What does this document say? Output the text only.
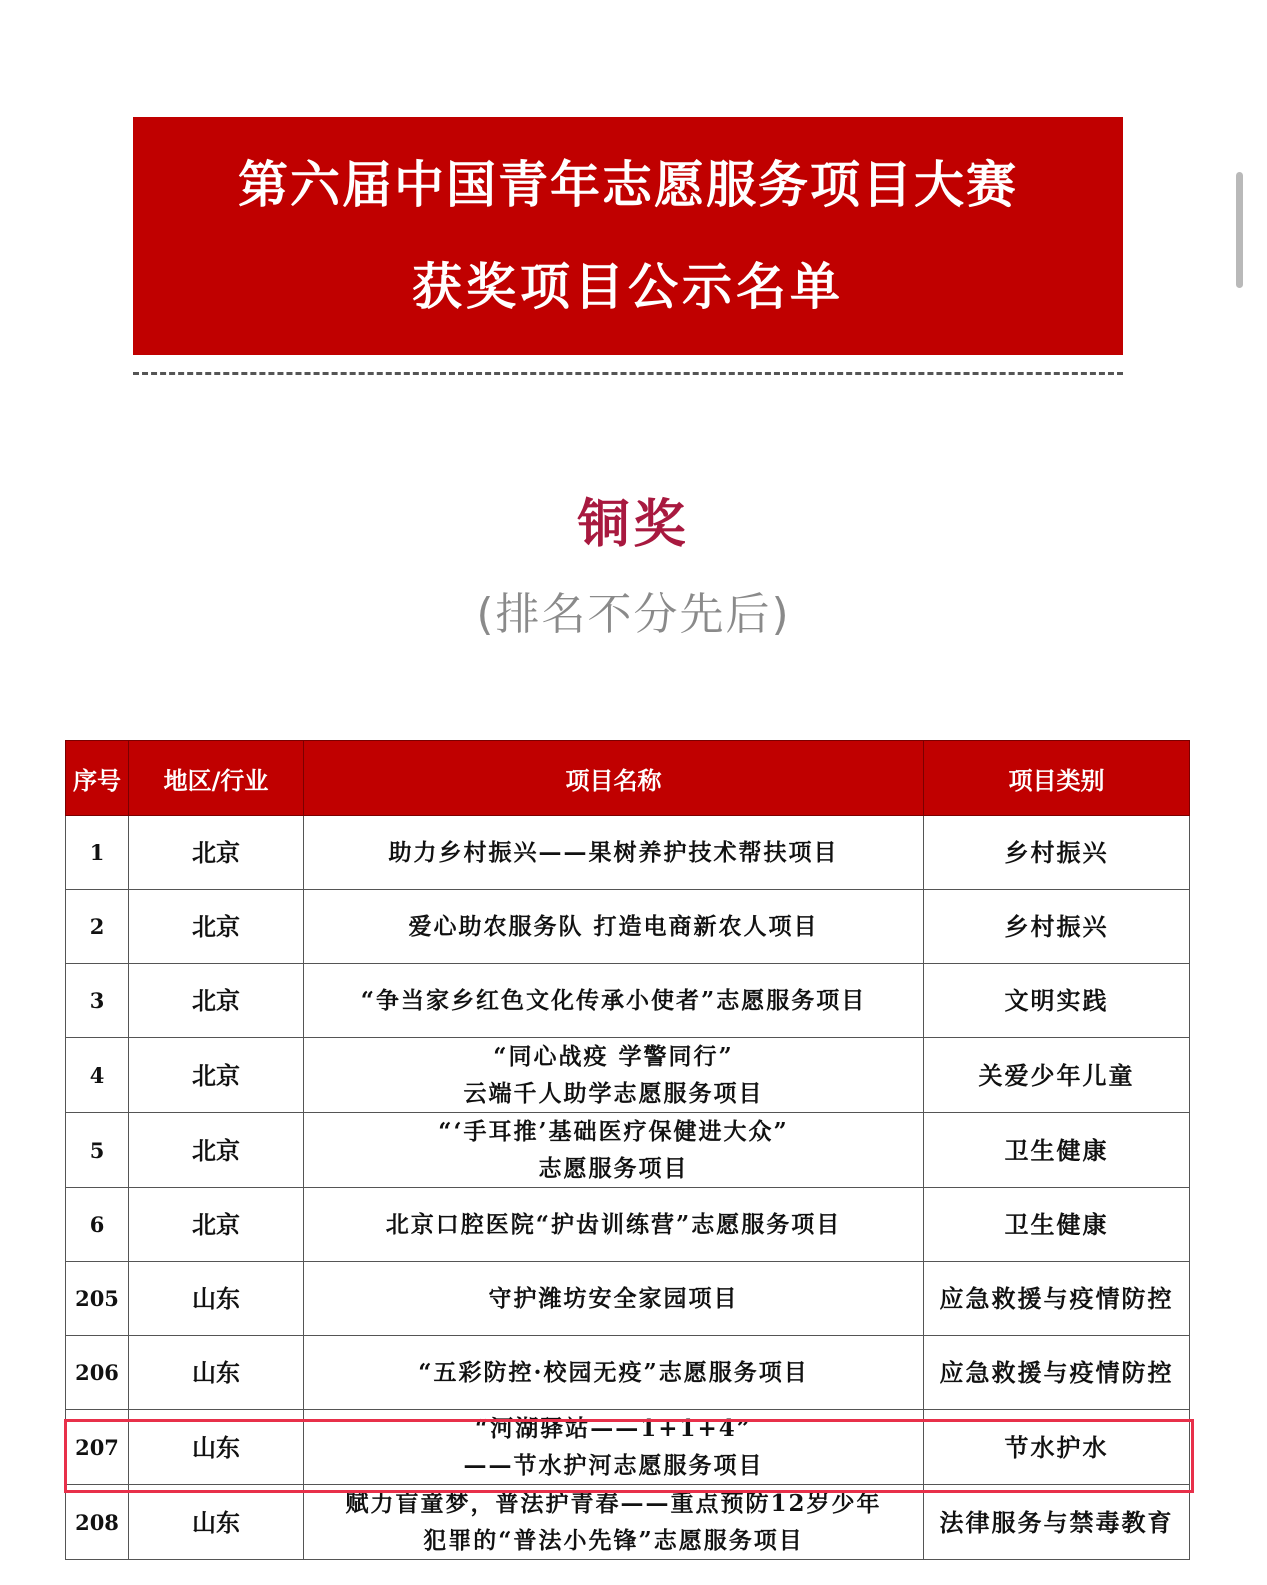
第六届中国青年志愿服务项目大赛
获奖项目公示名单
铜奖
(排名不分先后)
序号	地区/行业	项目名称	项目类别
1	北京	助力乡村振兴——果树养护技术帮扶项目	乡村振兴
2	北京	爱心助农服务队 打造电商新农人项目	乡村振兴
3	北京	“争当家乡红色文化传承小使者”志愿服务项目	文明实践
4	北京	“同心战疫 学警同行”
云端千人助学志愿服务项目	关爱少年儿童
5	北京	“‘手耳推’基础医疗保健进大众”
志愿服务项目	卫生健康
6	北京	北京口腔医院“护齿训练营”志愿服务项目	卫生健康
205	山东	守护潍坊安全家园项目	应急救援与疫情防控
206	山东	“五彩防控·校园无疫”志愿服务项目	应急救援与疫情防控
207	山东	“河湖驿站——1+1+4”
——节水护河志愿服务项目	节水护水
208	山东	赋力盲童梦，普法护青春——重点预防12岁少年
犯罪的“普法小先锋”志愿服务项目	法律服务与禁毒教育
